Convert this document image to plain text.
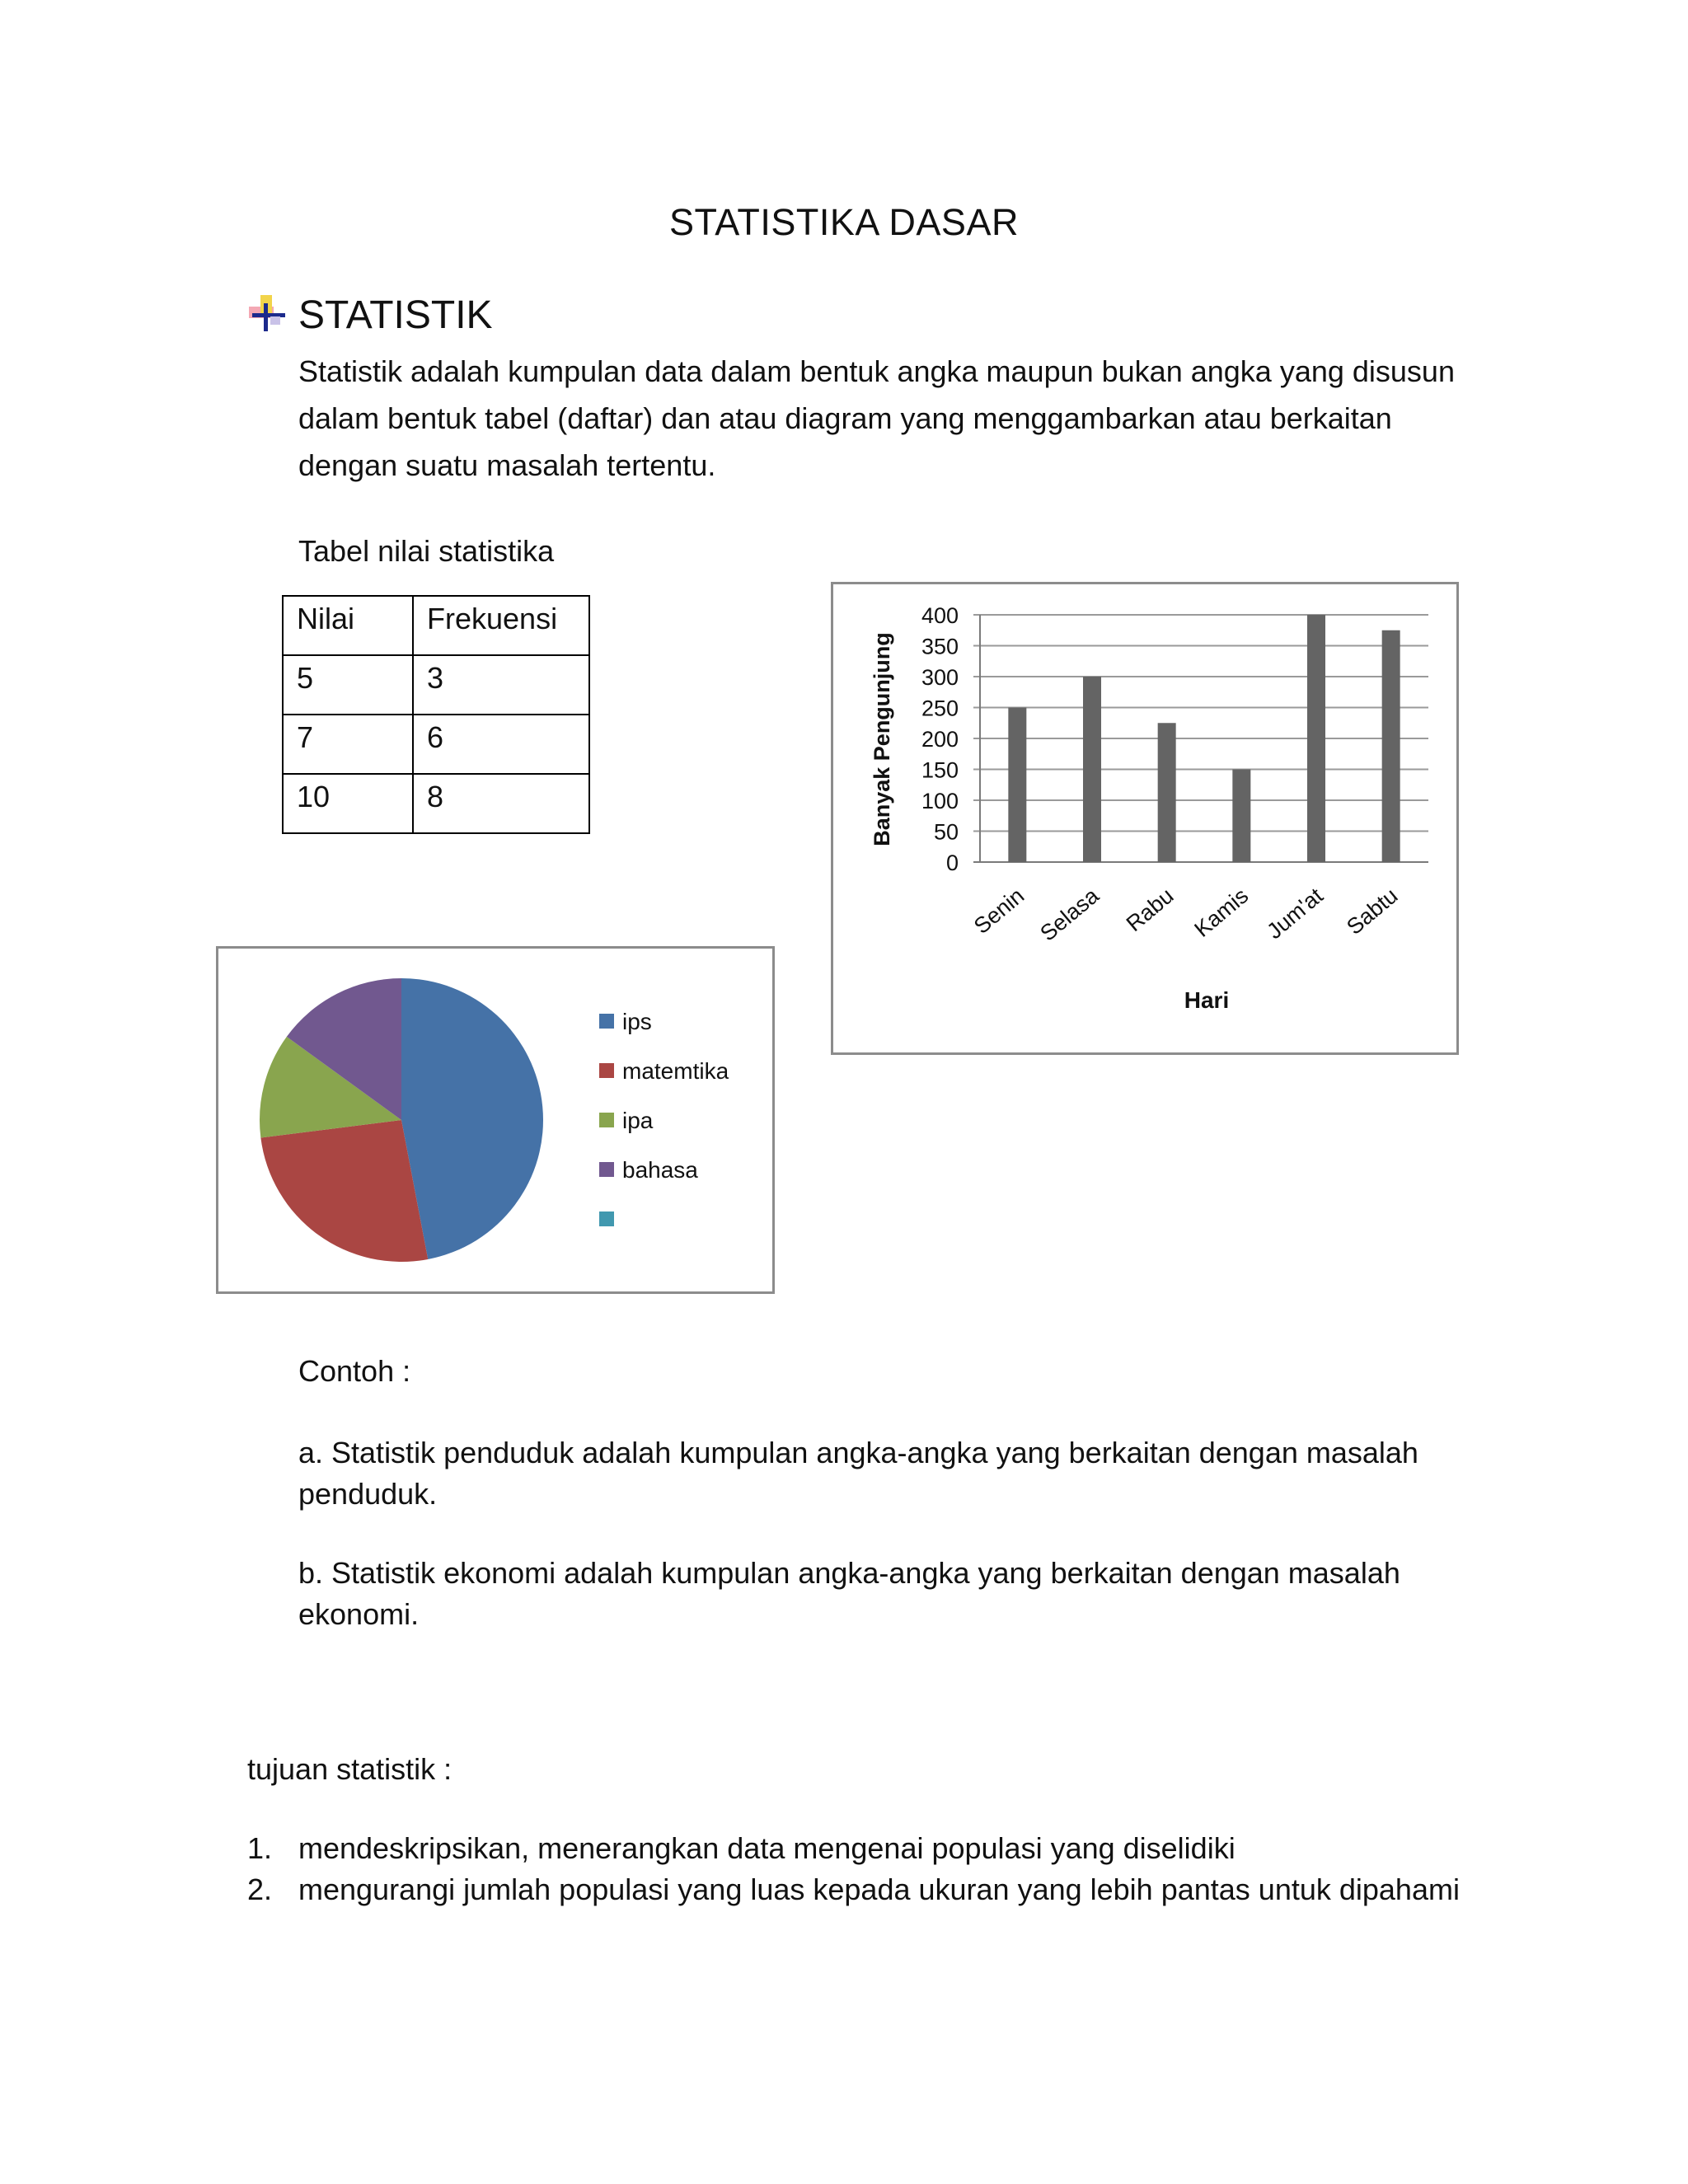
STATISTIKA DASAR
STATISTIK
Statistik adalah kumpulan data dalam bentuk angka maupun bukan angka yang disusun dalam bentuk tabel (daftar) dan atau diagram yang menggambarkan atau berkaitan dengan suatu masalah tertentu.
Tabel nilai statistika
Nilai	Frekuensi
5	3
7	6
10	8
0
50
100
150
200
250
300
350
400
Senin Selasa Rabu Kamis Jum'at Sabtu
Banyak Pengunjung
Hari
ips
matemtika
ipa
bahasa
Contoh :
a. Statistik penduduk adalah kumpulan angka-angka yang berkaitan dengan masalah penduduk.
b. Statistik ekonomi adalah kumpulan angka-angka yang berkaitan dengan masalah ekonomi.
tujuan statistik :
1. mendeskripsikan, menerangkan data mengenai populasi yang diselidiki
2. mengurangi jumlah populasi yang luas kepada ukuran yang lebih pantas untuk dipahami
